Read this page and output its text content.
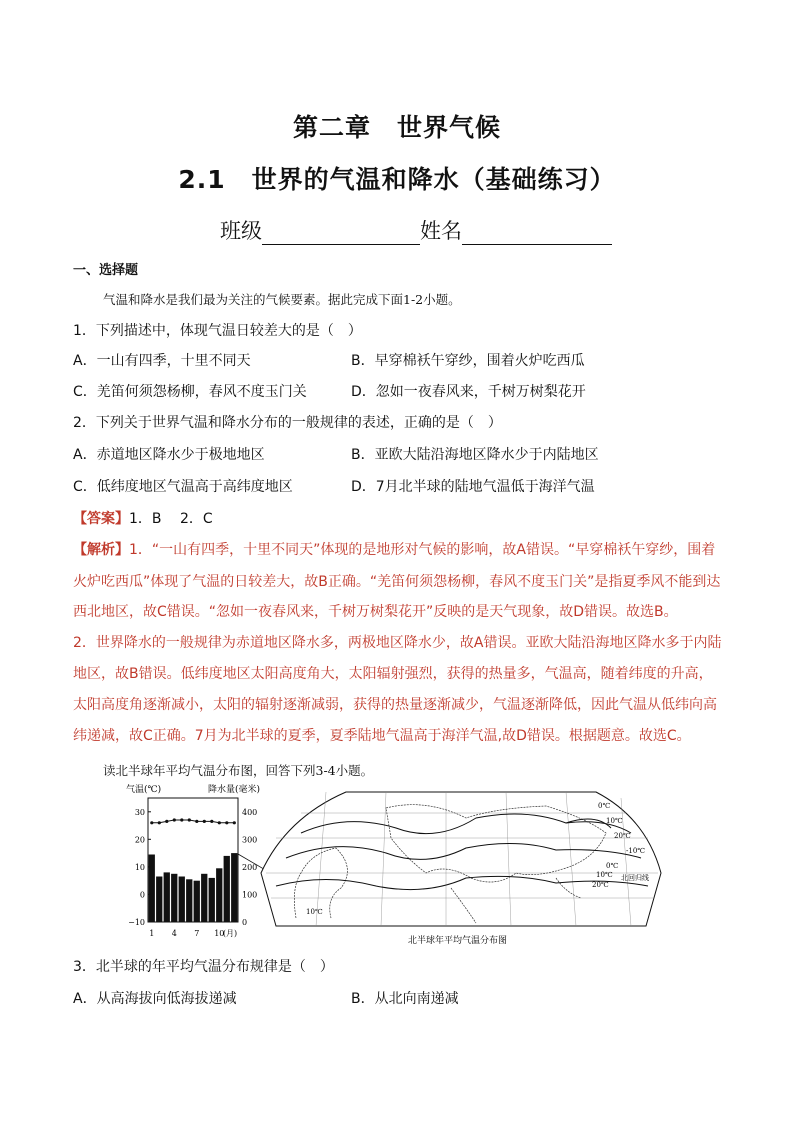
第二章　世界气候
2.1　世界的气温和降水（基础练习）
班级	姓名
一、选择题
气温和降水是我们最为关注的气候要素。据此完成下面1-2小题。
1．下列描述中，体现气温日较差大的是（　）
A．一山有四季，十里不同天	B．早穿棉袄午穿纱，围着火炉吃西瓜
C．羌笛何须怨杨柳，春风不度玉门关	D．忽如一夜春风来，千树万树梨花开
2．下列关于世界气温和降水分布的一般规律的表述，正确的是（　）
A．赤道地区降水少于极地地区	B．亚欧大陆沿海地区降水少于内陆地区
C．低纬度地区气温高于高纬度地区	D．7月北半球的陆地气温低于海洋气温
【答案】1．B　 2．C
【解析】1．“一山有四季，十里不同天”体现的是地形对气候的影响，故A错误。“早穿棉袄午穿纱，围着
火炉吃西瓜”体现了气温的日较差大，故B正确。“羌笛何须怨杨柳，春风不度玉门关”是指夏季风不能到达
西北地区，故C错误。“忽如一夜春风来，千树万树梨花开”反映的是天气现象，故D错误。故选B。
2．世界降水的一般规律为赤道地区降水多，两极地区降水少，故A错误。亚欧大陆沿海地区降水多于内陆
地区，故B错误。低纬度地区太阳高度角大，太阳辐射强烈，获得的热量多，气温高，随着纬度的升高，
太阳高度角逐渐减小，太阳的辐射逐渐减弱，获得的热量逐渐减少，气温逐渐降低，因此气温从低纬向高
纬递减，故C正确。7月为北半球的夏季，夏季陆地气温高于海洋气温,故D错误。根据题意。故选C。
读北半球年平均气温分布图，回答下列3-4小题。
气温(℃)	降水量(毫米)
30
20
10
0
−10
400
300
200
100
0
1 4 7 10
(月)
0℃
10℃
20℃
-10℃
0℃
10℃
20℃
10℃
北回归线
北半球年平均气温分布图
3．北半球的年平均气温分布规律是（　）
A．从高海拔向低海拔递减	B．从北向南递减
